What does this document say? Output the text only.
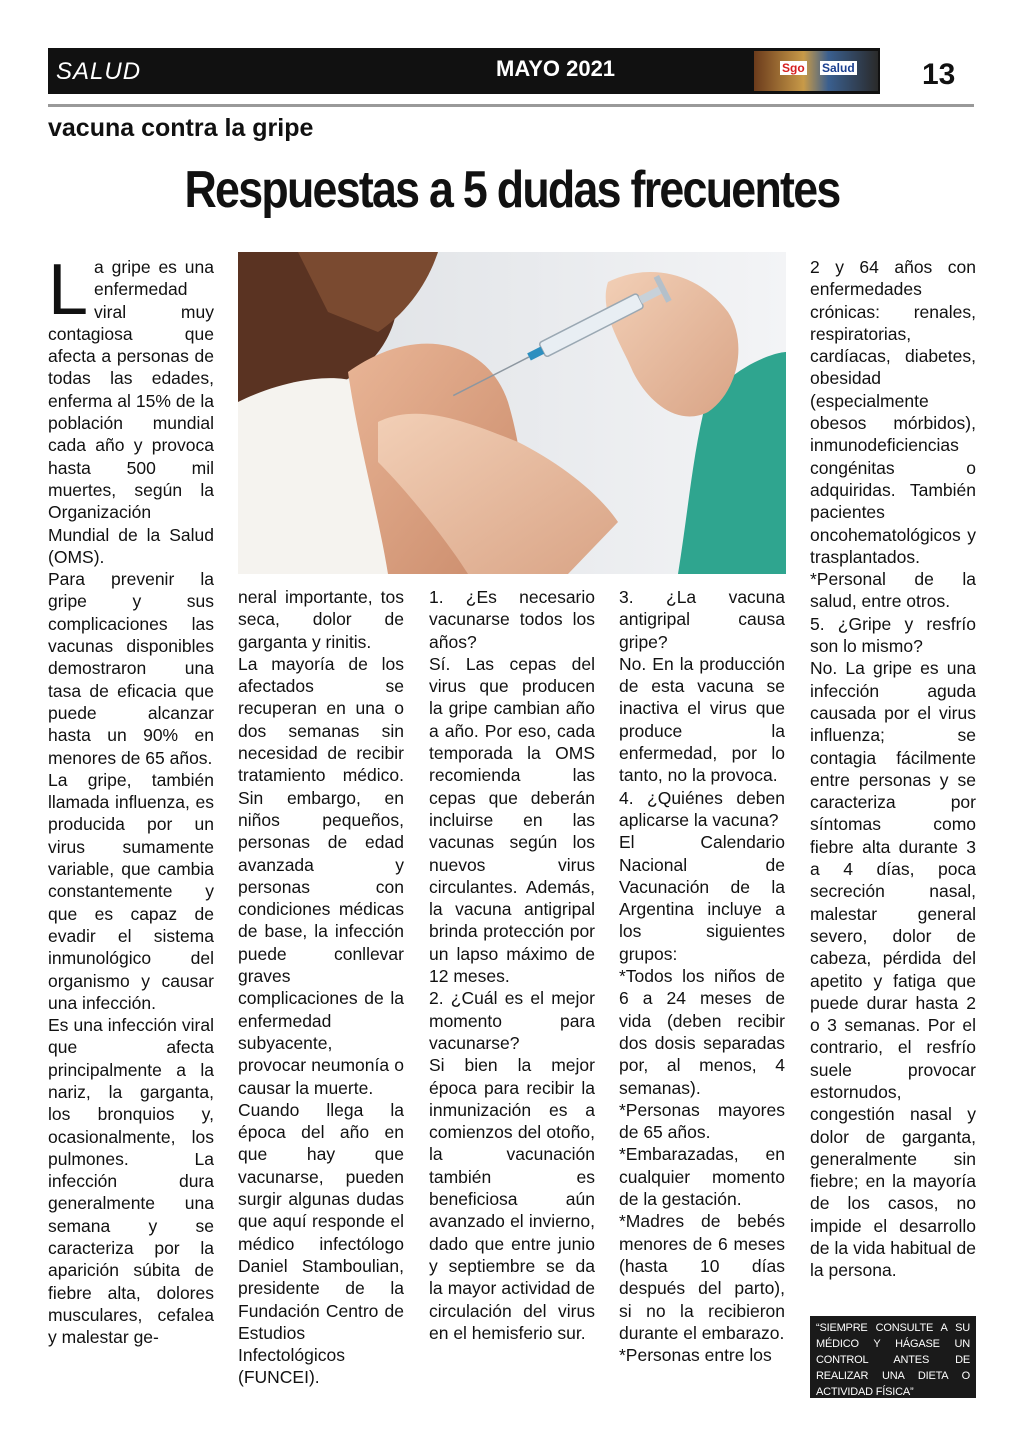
SALUD	MAYO 2021	Sgo Salud 13
vacuna contra la gripe
Respuestas a 5 dudas frecuentes

La gripe es una enfermedad viral muy contagiosa que afecta a personas de todas las edades, enferma al 15% de la población mundial cada año y provoca hasta 500 mil muertes, según la Organización Mundial de la Salud (OMS).

Para prevenir la gripe y sus complicaciones las vacunas disponibles demostraron una tasa de eficacia que puede alcanzar hasta un 90% en menores de 65 años.

La gripe, también llamada influenza, es producida por un virus sumamente variable, que cambia constantemente y que es capaz de evadir el sistema inmunológico del organismo y causar una infección.

Es una infección viral que afecta principalmente a la nariz, la garganta, los bronquios y, ocasionalmente, los pulmones. La infección dura generalmente una semana y se caracteriza por la aparición súbita de fiebre alta, dolores musculares, cefalea y malestar ge-

neral importante, tos seca, dolor de garganta y rinitis.

La mayoría de los afectados se recuperan en una o dos semanas sin necesidad de recibir tratamiento médico. Sin embargo, en niños pequeños, personas de edad avanzada y personas con condiciones médicas de base, la infección puede conllevar graves complicaciones de la enfermedad subyacente, provocar neumonía o causar la muerte.

Cuando llega la época del año en que hay que vacunarse, pueden surgir algunas dudas que aquí responde el médico infectólogo Daniel Stamboulian, presidente de la Fundación Centro de Estudios Infectológicos (FUNCEI).

1. ¿Es necesario vacunarse todos los años?

Sí. Las cepas del virus que producen la gripe cambian año a año. Por eso, cada temporada la OMS recomienda las cepas que deberán incluirse en las vacunas según los nuevos virus circulantes. Además, la vacuna antigripal brinda protección por un lapso máximo de 12 meses.

2. ¿Cuál es el mejor momento para vacunarse?

Si bien la mejor época para recibir la inmunización es a comienzos del otoño, la vacunación también es beneficiosa aún avanzado el invierno, dado que entre junio y septiembre se da la mayor actividad de circulación del virus en el hemisferio sur.

3. ¿La vacuna antigripal causa gripe?

No. En la producción de esta vacuna se inactiva el virus que produce la enfermedad, por lo tanto, no la provoca.

4. ¿Quiénes deben aplicarse la vacuna?

El Calendario Nacional de Vacunación de la Argentina incluye a los siguientes grupos:

*Todos los niños de 6 a 24 meses de vida (deben recibir dos dosis separadas por, al menos, 4 semanas).

*Personas mayores de 65 años.

*Embarazadas, en cualquier momento de la gestación.

*Madres de bebés menores de 6 meses (hasta 10 días después del parto), si no la recibieron durante el embarazo.

*Personas entre los

2 y 64 años con enfermedades crónicas: renales, respiratorias, cardíacas, diabetes, obesidad (especialmente obesos mórbidos), inmunodeficiencias congénitas o adquiridas. También pacientes oncohematológicos y trasplantados.

*Personal de la salud, entre otros.

5. ¿Gripe y resfrío son lo mismo?

No. La gripe es una infección aguda causada por el virus influenza; se contagia fácilmente entre personas y se caracteriza por síntomas como fiebre alta durante 3 a 4 días, poca secreción nasal, malestar general severo, dolor de cabeza, pérdida del apetito y fatiga que puede durar hasta 2 o 3 semanas. Por el contrario, el resfrío suele provocar estornudos, congestión nasal y dolor de garganta, generalmente sin fiebre; en la mayoría de los casos, no impide el desarrollo de la vida habitual de la persona.

“SIEMPRE CONSULTE A SU MÉDICO Y HÁGASE UN CONTROL ANTES DE REALIZAR UNA DIETA O ACTIVIDAD FÍSICA”
